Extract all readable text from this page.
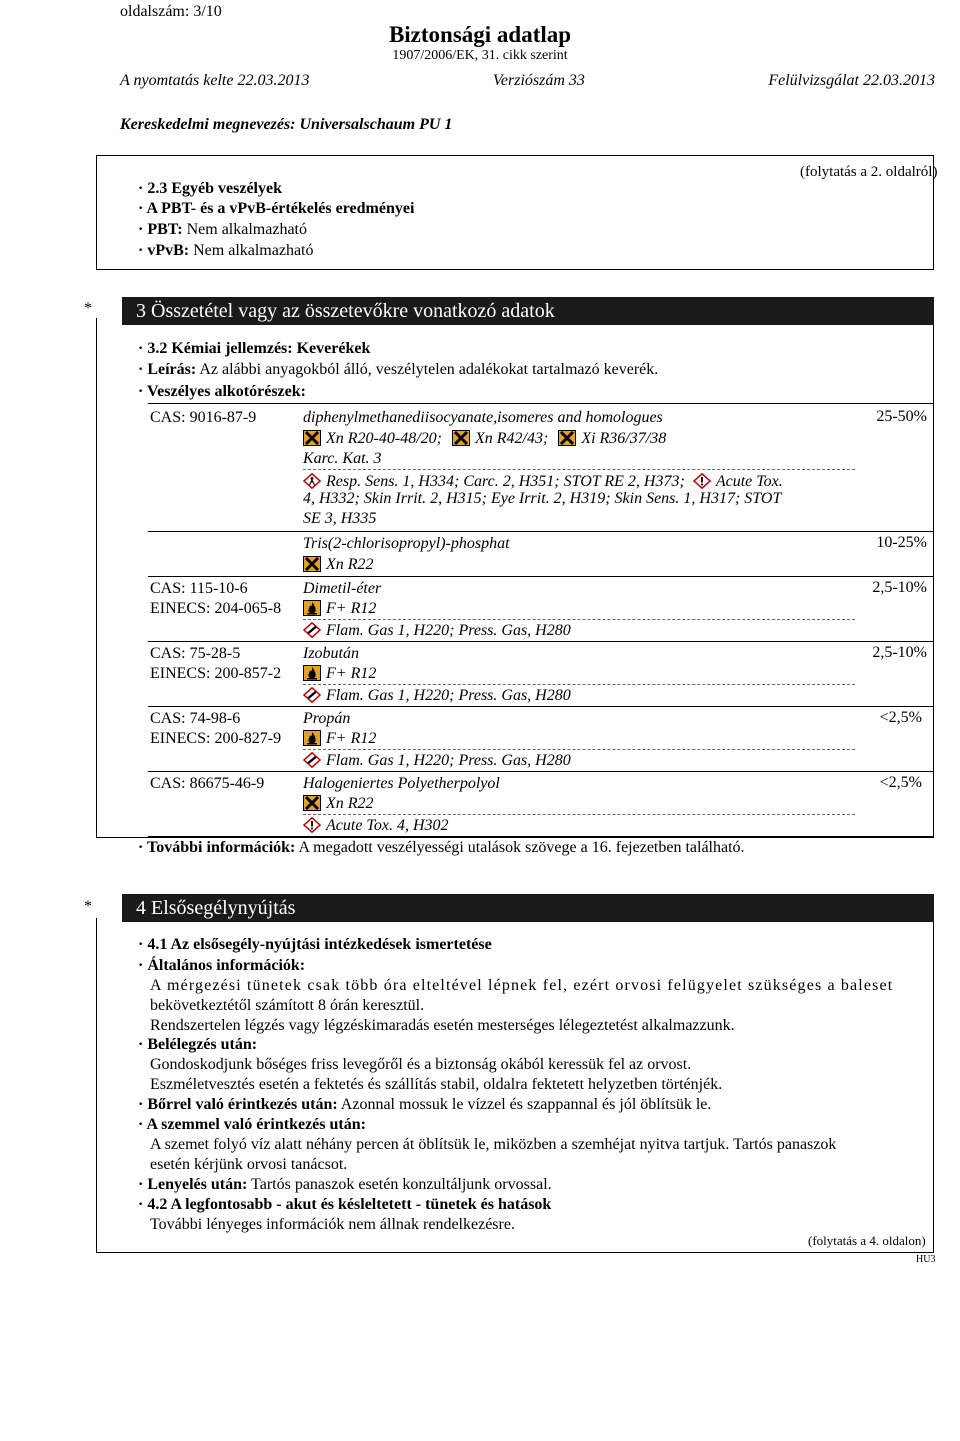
oldalszám: 3/10
Biztonsági adatlap
1907/2006/EK, 31. cikk szerint
A nyomtatás kelte 22.03.2013	Verziószám 33	Felülvizsgálat 22.03.2013
Kereskedelmi megnevezés: Universalschaum PU 1
(folytatás a 2. oldalról)
· 2.3 Egyéb veszélyek
· A PBT- és a vPvB-értékelés eredményei
· PBT: Nem alkalmazható
· vPvB: Nem alkalmazható
*	3 Összetétel vagy az összetevőkre vonatkozó adatok
· 3.2 Kémiai jellemzés: Keverékek
· Leírás: Az alábbi anyagokból álló, veszélytelen adalékokat tartalmazó keverék.
· Veszélyes alkotórészek:
CAS: 9016-87-9	diphenylmethanediisocyanate,isomeres and homologues
Xn R20-40-48/20; Xn R42/43; Xi R36/37/38
Karc. Kat. 3
Resp. Sens. 1, H334; Carc. 2, H351; STOT RE 2, H373; Acute Tox.
4, H332; Skin Irrit. 2, H315; Eye Irrit. 2, H319; Skin Sens. 1, H317; STOT
SE 3, H335
25-50%
Tris(2-chlorisopropyl)-phosphat
Xn R22
10-25%
CAS: 115-10-6
EINECS: 204-065-8
Dimetil-éter
F+ R12
Flam. Gas 1, H220; Press. Gas, H280
2,5-10%
CAS: 75-28-5
EINECS: 200-857-2
Izobután
F+ R12
Flam. Gas 1, H220; Press. Gas, H280
2,5-10%
CAS: 74-98-6
EINECS: 200-827-9
Propán
F+ R12
Flam. Gas 1, H220; Press. Gas, H280
<2,5%
CAS: 86675-46-9 Halogeniertes Polyetherpolyol
Xn R22
Acute Tox. 4, H302
<2,5%
· További információk: A megadott veszélyességi utalások szövege a 16. fejezetben található.
*	4 Elsősegélynyújtás
· 4.1 Az elsősegély-nyújtási intézkedések ismertetése
· Általános információk:
A mérgezési tünetek csak több óra elteltével lépnek fel, ezért orvosi felügyelet szükséges a baleset
bekövetkeztétől számított 8 órán keresztül.
Rendszertelen légzés vagy légzéskimaradás esetén mesterséges lélegeztetést alkalmazzunk.
· Belélegzés után:
Gondoskodjunk bőséges friss levegőről és a biztonság okából keressük fel az orvost.
Eszméletvesztés esetén a fektetés és szállítás stabil, oldalra fektetett helyzetben történjék.
· Bőrrel való érintkezés után: Azonnal mossuk le vízzel és szappannal és jól öblítsük le.
· A szemmel való érintkezés után:
A szemet folyó víz alatt néhány percen át öblítsük le, miközben a szemhéjat nyitva tartjuk. Tartós panaszok
esetén kérjünk orvosi tanácsot.
· Lenyelés után: Tartós panaszok esetén konzultáljunk orvossal.
· 4.2 A legfontosabb - akut és késleltetett - tünetek és hatások
További lényeges információk nem állnak rendelkezésre.
(folytatás a 4. oldalon)
HU3
